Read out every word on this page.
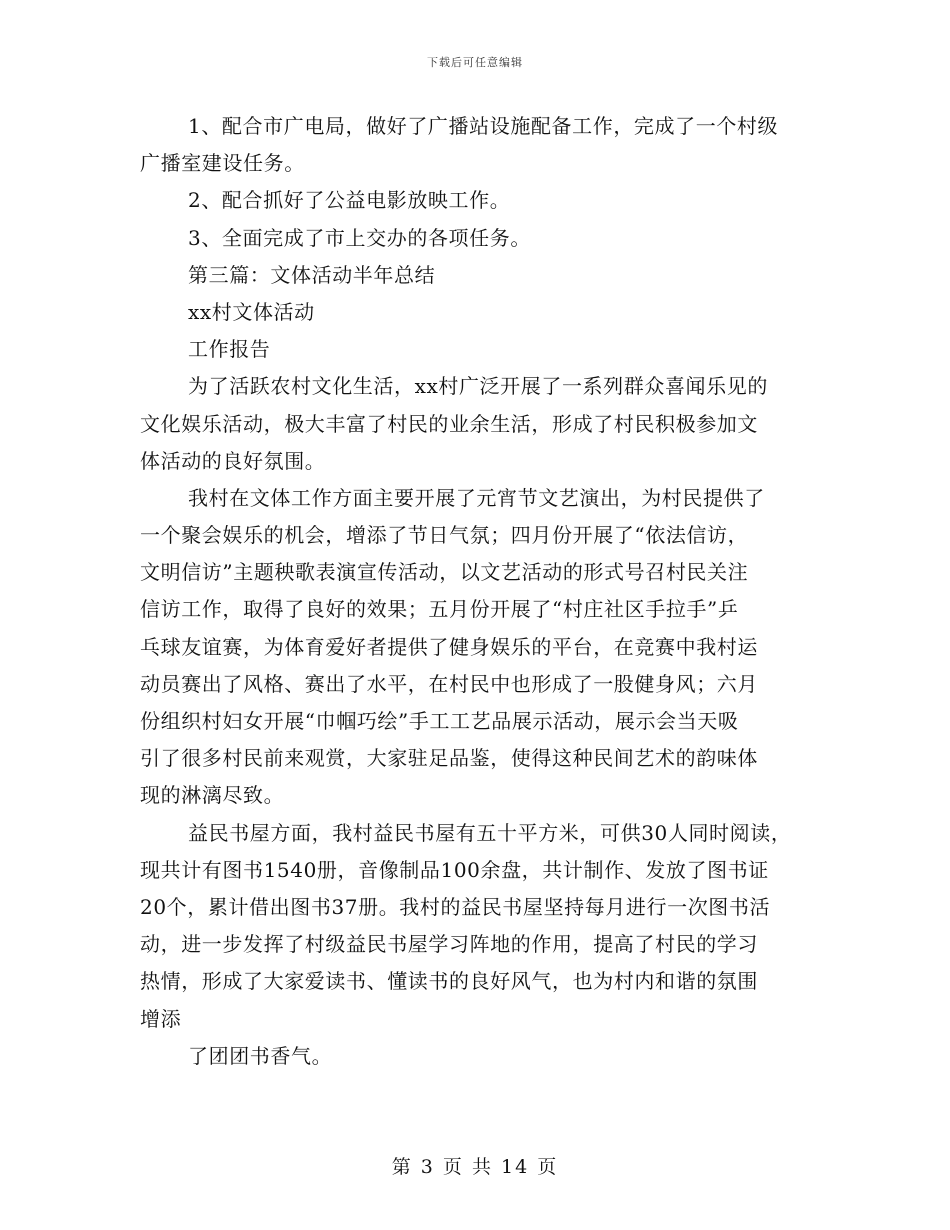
下载后可任意编辑
1、配合市广电局，做好了广播站设施配备工作，完成了一个村级
广播室建设任务。
2、配合抓好了公益电影放映工作。
3、全面完成了市上交办的各项任务。
第三篇：文体活动半年总结
xx村文体活动
工作报告
为了活跃农村文化生活，xx村广泛开展了一系列群众喜闻乐见的
文化娱乐活动，极大丰富了村民的业余生活，形成了村民积极参加文
体活动的良好氛围。
我村在文体工作方面主要开展了元宵节文艺演出，为村民提供了
一个聚会娱乐的机会，增添了节日气氛；四月份开展了“依法信访，
文明信访”主题秧歌表演宣传活动，以文艺活动的形式号召村民关注
信访工作，取得了良好的效果；五月份开展了“村庄社区手拉手”乒
乓球友谊赛，为体育爱好者提供了健身娱乐的平台，在竞赛中我村运
动员赛出了风格、赛出了水平，在村民中也形成了一股健身风；六月
份组织村妇女开展“巾帼巧绘”手工工艺品展示活动，展示会当天吸
引了很多村民前来观赏，大家驻足品鉴，使得这种民间艺术的韵味体
现的淋漓尽致。
益民书屋方面，我村益民书屋有五十平方米，可供30人同时阅读，
现共计有图书1540册，音像制品100余盘，共计制作、发放了图书证
20个，累计借出图书37册。我村的益民书屋坚持每月进行一次图书活
动，进一步发挥了村级益民书屋学习阵地的作用，提高了村民的学习
热情，形成了大家爱读书、懂读书的良好风气，也为村内和谐的氛围
增添
了团团书香气。
第 3 页 共 14 页
